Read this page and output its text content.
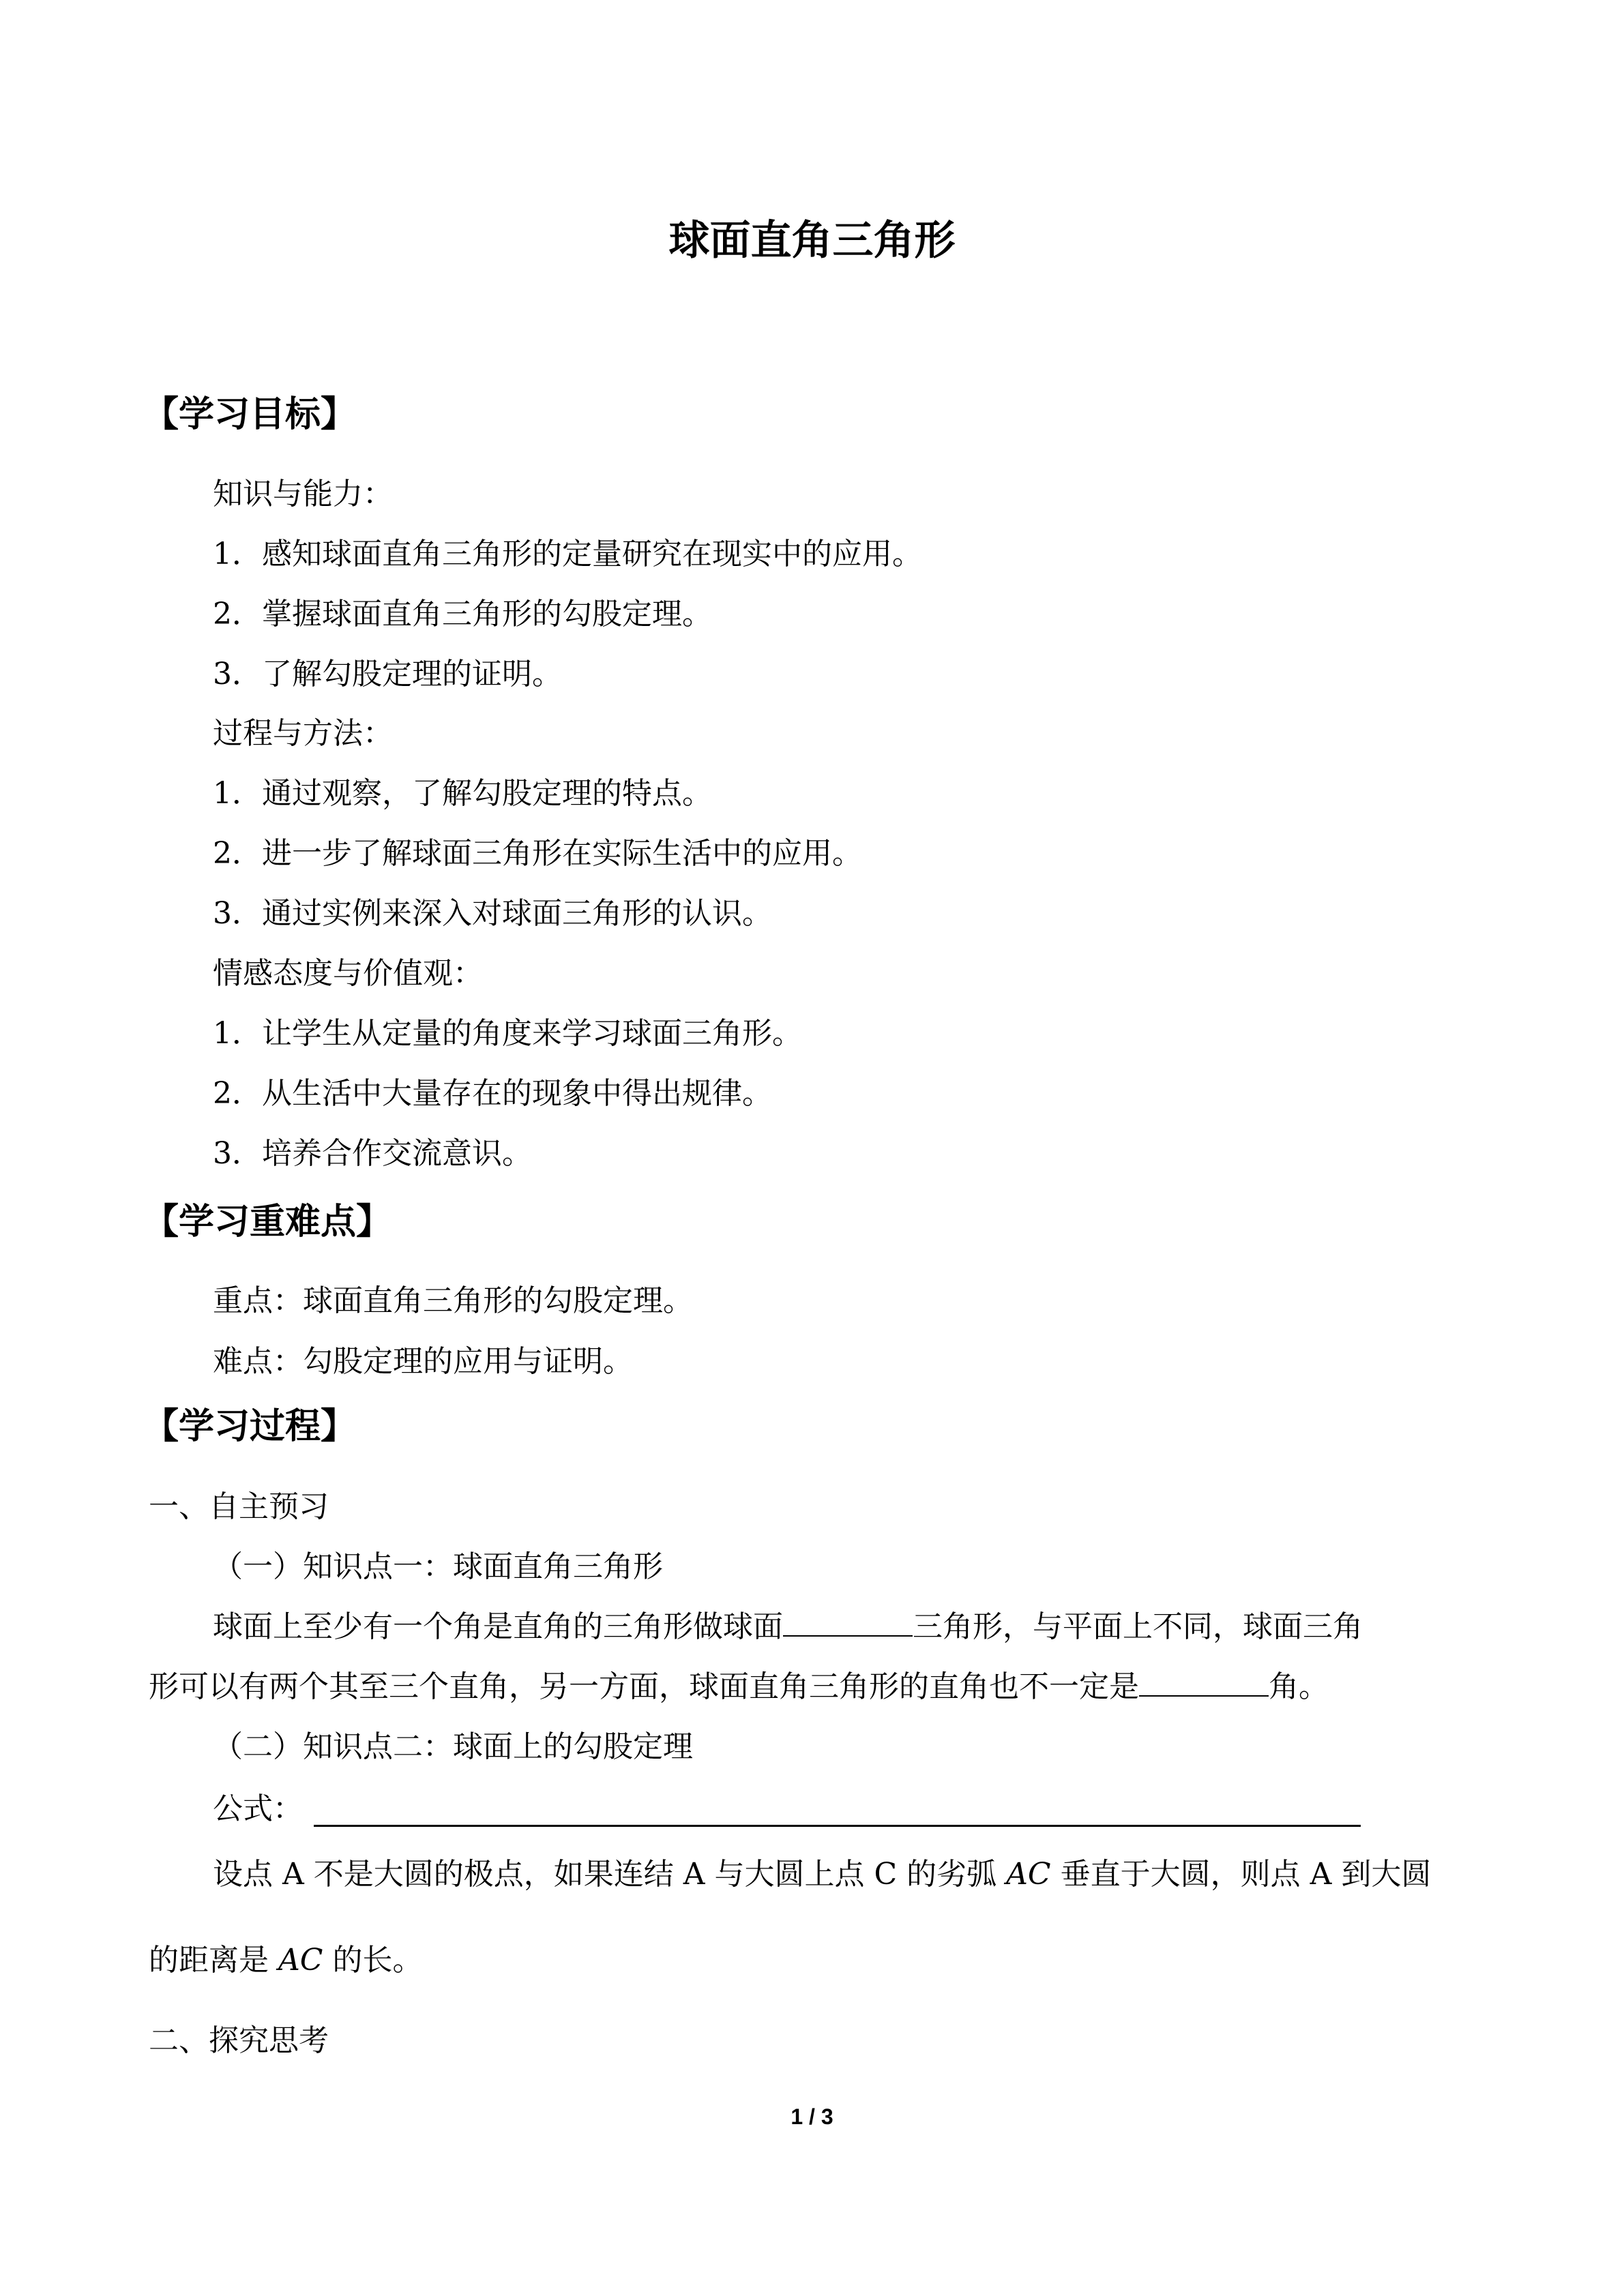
球面直角三角形
【学习目标】
知识与能力：
1．感知球面直角三角形的定量研究在现实中的应用。
2．掌握球面直角三角形的勾股定理。
3．了解勾股定理的证明。
过程与方法：
1．通过观察，了解勾股定理的特点。
2．进一步了解球面三角形在实际生活中的应用。
3．通过实例来深入对球面三角形的认识。
情感态度与价值观：
1．让学生从定量的角度来学习球面三角形。
2．从生活中大量存在的现象中得出规律。
3．培养合作交流意识。
【学习重难点】
重点：球面直角三角形的勾股定理。
难点：勾股定理的应用与证明。
【学习过程】
一、自主预习
（一）知识点一：球面直角三角形
球面上至少有一个角是直角的三角形做球面	三角形，与平面上不同，球面三角
形可以有两个其至三个直角，另一方面，球面直角三角形的直角也不一定是	角。
（二）知识点二：球面上的勾股定理
公式：
设点 A 不是大圆的极点，如果连结 A 与大圆上点 C 的劣弧 AC 垂直于大圆，则点 A 到大圆
的距离是 AC 的长。
二、探究思考
1 / 3
